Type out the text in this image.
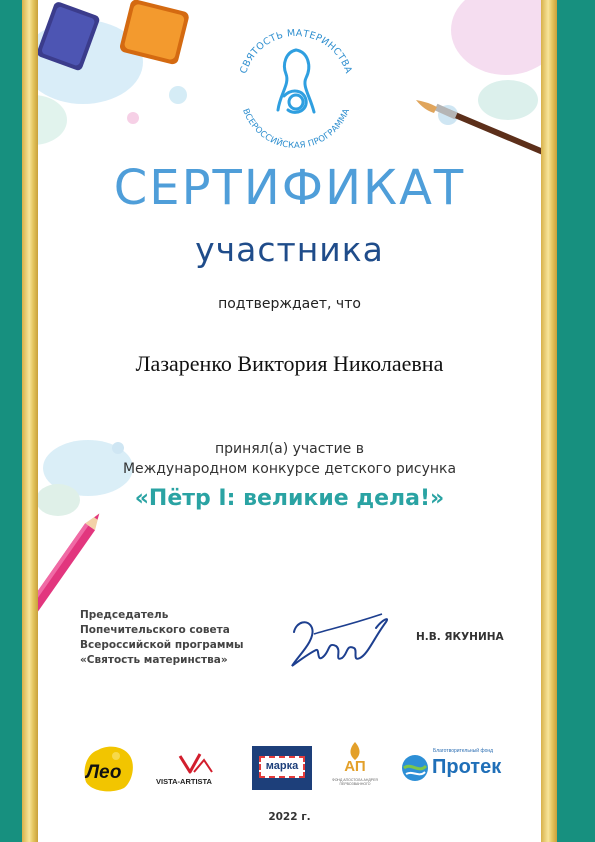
СВЯТОСТЬ МАТЕРИНСТВА
ВСЕРОССИЙСКАЯ ПРОГРАММА
СЕРТИФИКАТ
участника
подтверждает, что
Лазаренко Виктория Николаевна
принял(а) участие в
Международном конкурсе детского рисунка
«Пётр I: великие дела!»
Председатель
Попечительского совета
Всероссийской программы
«Святость материнства»
Н.В. ЯКУНИНА
Лео	VISTA-ARTISTA
марка	АП
ФОНД АПОСТОЛА АНДРЕЯ ПЕРВОЗВАННОГО
Благотворительный фонд
Протек
2022 г.
